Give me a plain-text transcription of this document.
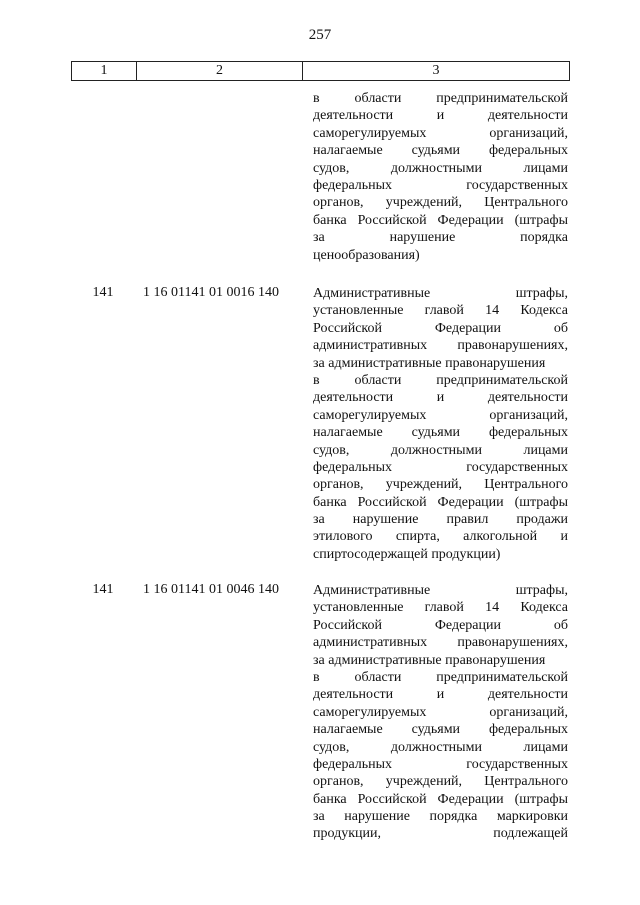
257
1	2	3
в области предпринимательской
деятельности и деятельности
саморегулируемых организаций,
налагаемые судьями федеральных
судов, должностными лицами
федеральных государственных
органов, учреждений, Центрального
банка Российской Федерации (штрафы
за нарушение порядка
ценообразования)
141	1 16 01141 01 0016 140 Административные штрафы,
установленные главой 14 Кодекса
Российской Федерации об
административных правонарушениях,
за административные правонарушения
в области предпринимательской
деятельности и деятельности
саморегулируемых организаций,
налагаемые судьями федеральных
судов, должностными лицами
федеральных государственных
органов, учреждений, Центрального
банка Российской Федерации (штрафы
за нарушение правил продажи
этилового спирта, алкогольной и
спиртосодержащей продукции)
141	1 16 01141 01 0046 140 Административные штрафы,
установленные главой 14 Кодекса
Российской Федерации об
административных правонарушениях,
за административные правонарушения
в области предпринимательской
деятельности и деятельности
саморегулируемых организаций,
налагаемые судьями федеральных
судов, должностными лицами
федеральных государственных
органов, учреждений, Центрального
банка Российской Федерации (штрафы
за нарушение порядка маркировки
продукции, подлежащей
